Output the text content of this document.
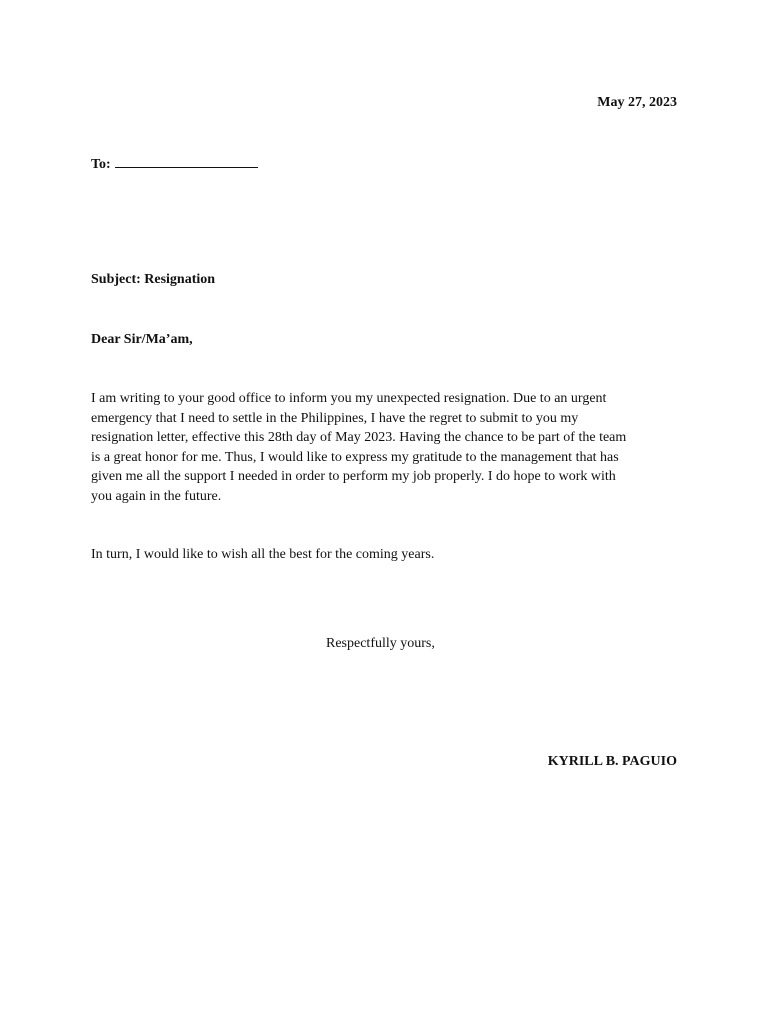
May 27, 2023

To:

Subject: Resignation

Dear Sir/Ma’am,

I am writing to your good office to inform you my unexpected resignation. Due to an urgent
emergency that I need to settle in the Philippines, I have the regret to submit to you my
resignation letter, effective this 28th day of May 2023. Having the chance to be part of the team
is a great honor for me. Thus, I would like to express my gratitude to the management that has
given me all the support I needed in order to perform my job properly. I do hope to work with
you again in the future.

In turn, I would like to wish all the best for the coming years.

Respectfully yours,

KYRILL B. PAGUIO
